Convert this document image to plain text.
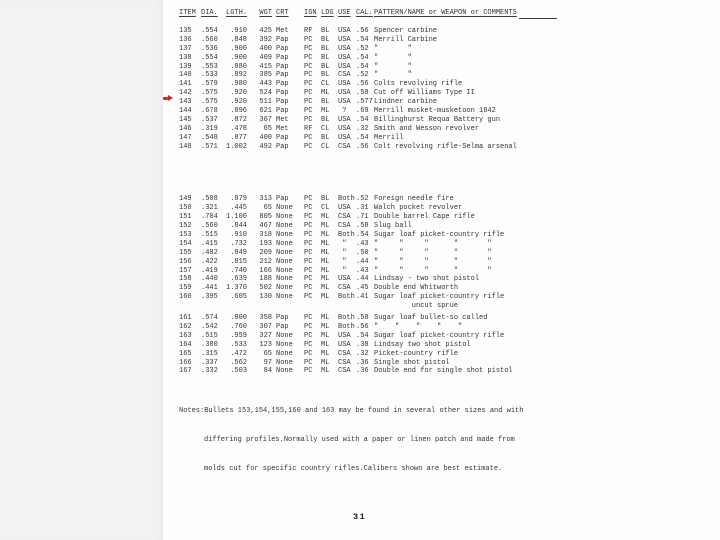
ITEM DIA.	LGTH.	WGT CRT	IGN LDG USE CAL. PATTERN/NAME or WEAPON or COMMENTS
135	.554	.910	425 Met	RF	BL	USA .56 Spencer carbine
136	.560	.848	392 Pap	PC	BL	USA .54 Merrill Carbine
137	.536	.900	400 Pap	PC	BL	USA .52 "       "
138	.554	.900	409 Pap	PC	BL	USA .54 "       "
139	.553	.880	415 Pap	PC	BL	USA .54 "       "
140	.533	.892	385 Pap	PC	BL	CSA .52 "       "
141	.579	.980	443 Pap	PC	CL	USA .56 Colts revolving rifle
142	.575	.920	524 Pap	PC	ML	USA .58 Cut off Williams Type II
143	.575	.920	511 Pap	PC	BL	USA .577 Lindner carbine
144	.678	.896	621 Pap	PC	ML	?	.69 Merrill musket-musketoon 1842
145	.537	.872	367 Met	PC	BL	USA .54 Billinghurst Requa Battery gun
146	.319	.478	65 Met	RF	CL	USA .32 Smith and Wesson revolver
147	.548	.877	400 Pap	PC	BL	USA .54 Merrill
148	.571	1.002	492 Pap	PC	CL	CSA .56 Colt revolving rifle-Selma arsenal
149	.508	.879	313 Pap	PC	BL	Both .52 Foreign needle fire
150	.321	.445	65 None	PC	CL	USA .31 Walch pocket revolver
151	.704	1.100	805 None	PC	ML	CSA .71 Double barrel Cape rifle
152	.560	.844	467 None	PC	ML	CSA .58 Slug ball
153	.515	.910	318 None	PC	ML	Both .54 Sugar loaf picket-country rifle
154	.415	.732	193 None	PC	ML	"	.43 "     "     "      "       "
155	.482	.849	209 None	PC	ML	"	.50 "     "     "      "       "
156	.422	.815	212 None	PC	ML	"	.44 "     "     "      "       "
157	.419	.740	166 None	PC	ML	"	.43 "     "     "      "       "
158	.440	.639	188 None	PC	ML	USA .44 Lindsay - two shot pistol
159	.441	1.370	502 None	PC	ML	CSA .45 Double end Whitworth
160	.395	.605	130 None	PC	ML	Both .41 Sugar loaf picket-country rifle
uncut sprue
161	.574	.800	358 Pap	PC	ML	Both .58 Sugar loaf bullet-so called
162	.542	.760	307 Pap	PC	ML	Both .56 "    "    "    "    "
163	.515	.959	327 None	PC	ML	USA .54 Sugar loaf picket-country rifle
164	.380	.533	123 None	PC	ML	USA .38 Lindsay two shot pistol
165	.315	.472	65 None	PC	ML	CSA .32 Picket-country rifle
166	.337	.562	97 None	PC	ML	CSA .36 Single shot pistol
167	.332	.503	84 None	PC	ML	CSA .36 Double end for single shot pistol

Notes:Bullets 153,154,155,160 and 163 may be found in several other sizes and with

differing profiles.Normally used with a paper or linen patch and made from

molds cut for specific country rifles.Calibers shown are best estimate.

31
